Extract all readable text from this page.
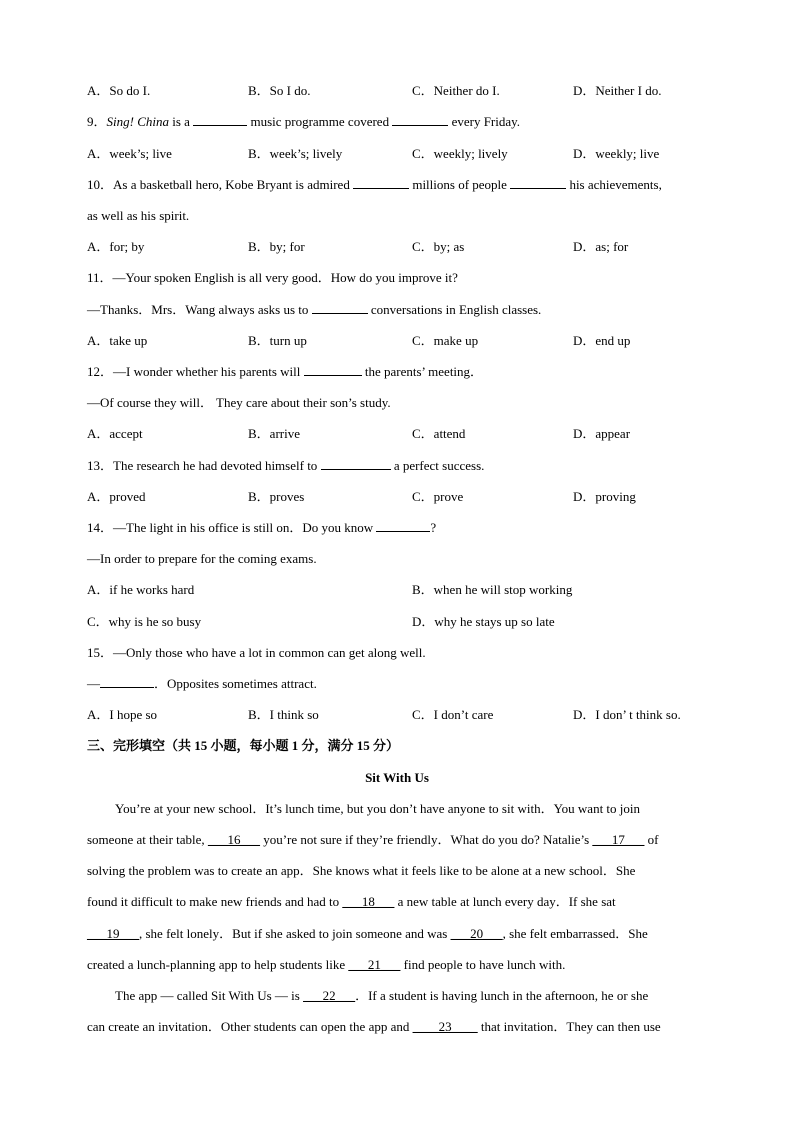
A．So do I.	B．So I do.	C．Neither do I.	D．Neither I do.
9．Sing! China is a	music programme covered	every Friday.
A．week’s; live	B．week’s; lively	C．weekly; lively	D．weekly; live
10．As a basketball hero, Kobe Bryant is admired	millions of people	his achievements,
as well as his spirit.
A．for; by	B．by; for	C．by; as	D．as; for
11．—Your spoken English is all very good．How do you improve it?
—Thanks．Mrs．Wang always asks us to	conversations in English classes.
A．take up	B．turn up	C．make up	D．end up
12．—I wonder whether his parents will	the parents’ meeting．
—Of course they will． They care about their son’s study.
A．accept	B．arrive	C．attend	D．appear
13．The research he had devoted himself to	a perfect success.
A．proved	B．proves	C．prove	D．proving
14．—The light in his office is still on．Do you know	?
—In order to prepare for the coming exams.
A．if he works hard	B．when he will stop working
C．why is he so busy	D．why he stays up so late
15．—Only those who have a lot in common can get along well.
—	．Opposites sometimes attract.
A．I hope so	B．I think so	C．I don’t care	D．I don’ t think so.
三、完形填空（共 15 小题，每小题 1 分，满分 15 分）
Sit With Us
You’re at your new school．It’s lunch time, but you don’t have anyone to sit with．You want to join
someone at their table, ___16___ you’re not sure if they’re friendly．What do you do? Natalie’s ___17___ of
solving the problem was to create an app．She knows what it feels like to be alone at a new school．She
found it difficult to make new friends and had to ___18___ a new table at lunch every day．If she sat
___19___, she felt lonely．But if she asked to join someone and was ___20___, she felt embarrassed．She
created a lunch-planning app to help students like ___21___ find people to have lunch with.
The app — called Sit With Us — is ___22___．If a student is having lunch in the afternoon, he or she
can create an invitation．Other students can open the app and ____23____ that invitation．They can then use
